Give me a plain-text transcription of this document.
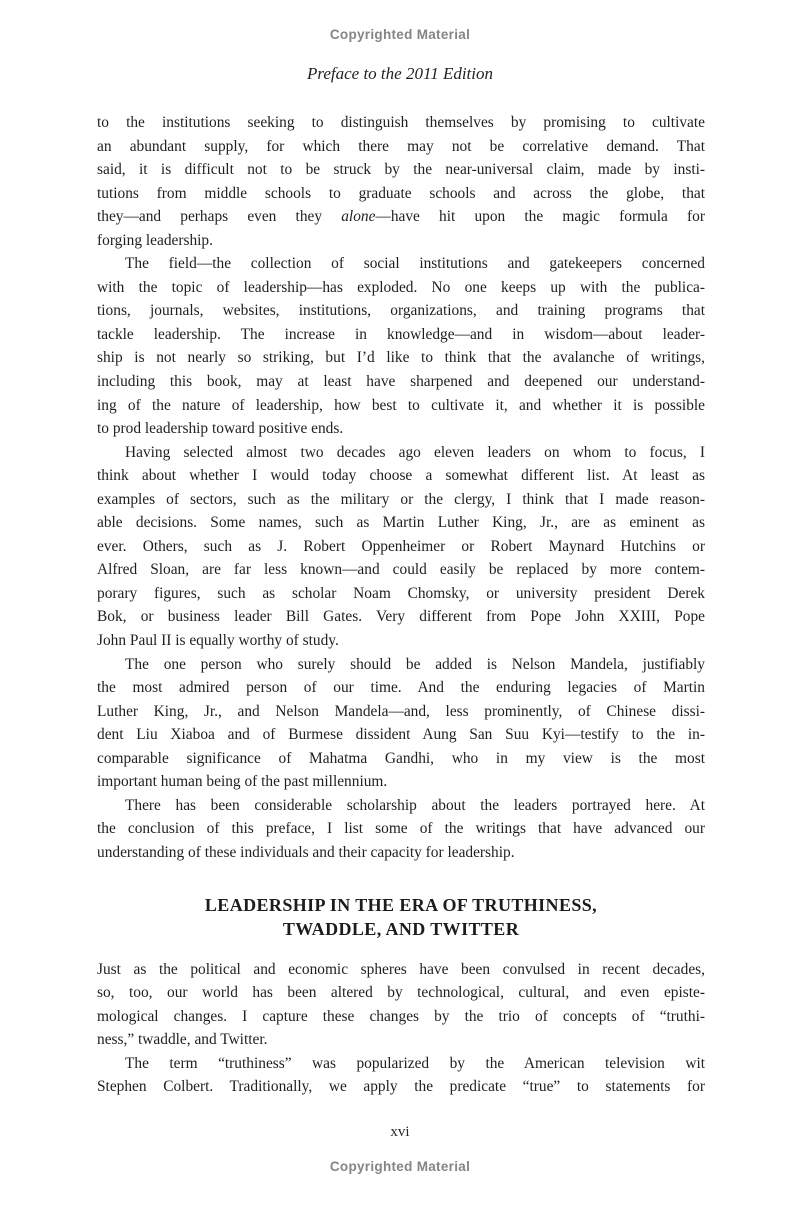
Copyrighted Material
Preface to the 2011 Edition
to the institutions seeking to distinguish themselves by promising to cultivate
an abundant supply, for which there may not be correlative demand. That
said, it is difficult not to be struck by the near-universal claim, made by insti-
tutions from middle schools to graduate schools and across the globe, that
they—and perhaps even they alone—have hit upon the magic formula for
forging leadership.
The field—the collection of social institutions and gatekeepers concerned
with the topic of leadership—has exploded. No one keeps up with the publica-
tions, journals, websites, institutions, organizations, and training programs that
tackle leadership. The increase in knowledge—and in wisdom—about leader-
ship is not nearly so striking, but I’d like to think that the avalanche of writings,
including this book, may at least have sharpened and deepened our understand-
ing of the nature of leadership, how best to cultivate it, and whether it is possible
to prod leadership toward positive ends.
Having selected almost two decades ago eleven leaders on whom to focus, I
think about whether I would today choose a somewhat different list. At least as
examples of sectors, such as the military or the clergy, I think that I made reason-
able decisions. Some names, such as Martin Luther King, Jr., are as eminent as
ever. Others, such as J. Robert Oppenheimer or Robert Maynard Hutchins or
Alfred Sloan, are far less known—and could easily be replaced by more contem-
porary figures, such as scholar Noam Chomsky, or university president Derek
Bok, or business leader Bill Gates. Very different from Pope John XXIII, Pope
John Paul II is equally worthy of study.
The one person who surely should be added is Nelson Mandela, justifiably
the most admired person of our time. And the enduring legacies of Martin
Luther King, Jr., and Nelson Mandela—and, less prominently, of Chinese dissi-
dent Liu Xiaboa and of Burmese dissident Aung San Suu Kyi—testify to the in-
comparable significance of Mahatma Gandhi, who in my view is the most
important human being of the past millennium.
There has been considerable scholarship about the leaders portrayed here. At
the conclusion of this preface, I list some of the writings that have advanced our
understanding of these individuals and their capacity for leadership.
LEADERSHIP IN THE ERA OF TRUTHINESS,
TWADDLE, AND TWITTER
Just as the political and economic spheres have been convulsed in recent decades,
so, too, our world has been altered by technological, cultural, and even episte-
mological changes. I capture these changes by the trio of concepts of “truthi-
ness,” twaddle, and Twitter.
The term “truthiness” was popularized by the American television wit
Stephen Colbert. Traditionally, we apply the predicate “true” to statements for
xvi
Copyrighted Material
